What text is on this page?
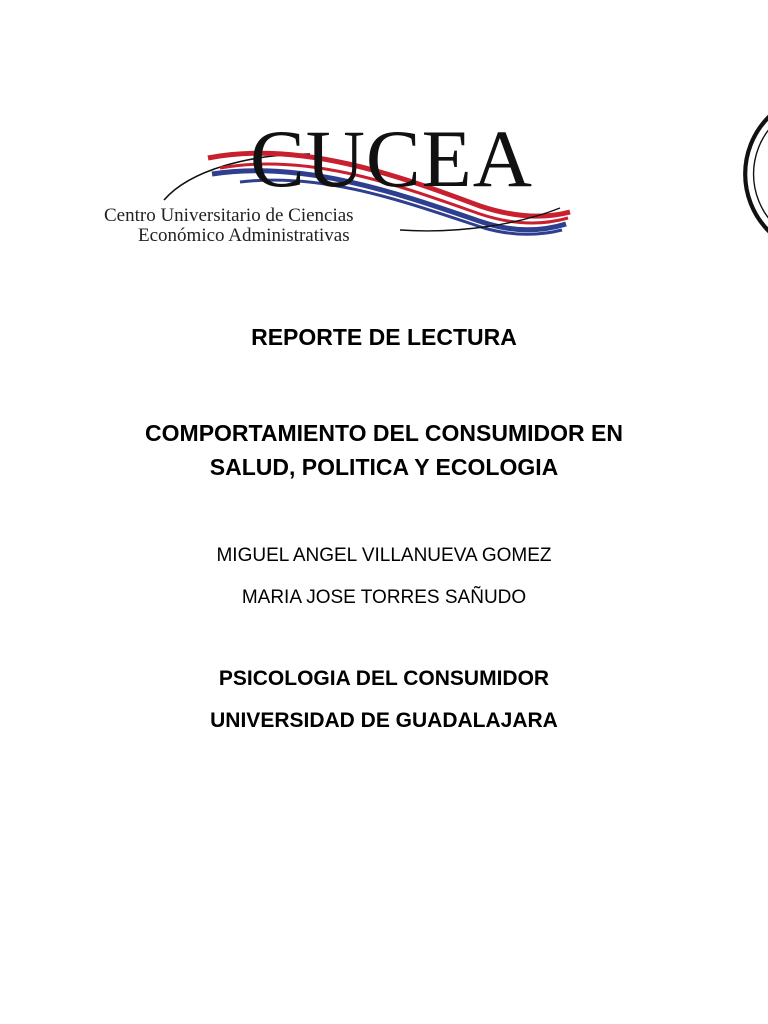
CUCEA
Centro Universitario de Ciencias
Económico Administrativas
REPORTE DE LECTURA
COMPORTAMIENTO DEL CONSUMIDOR EN
SALUD, POLITICA Y ECOLOGIA
MIGUEL ANGEL VILLANUEVA GOMEZ
MARIA JOSE TORRES SAÑUDO
PSICOLOGIA DEL CONSUMIDOR
UNIVERSIDAD DE GUADALAJARA
